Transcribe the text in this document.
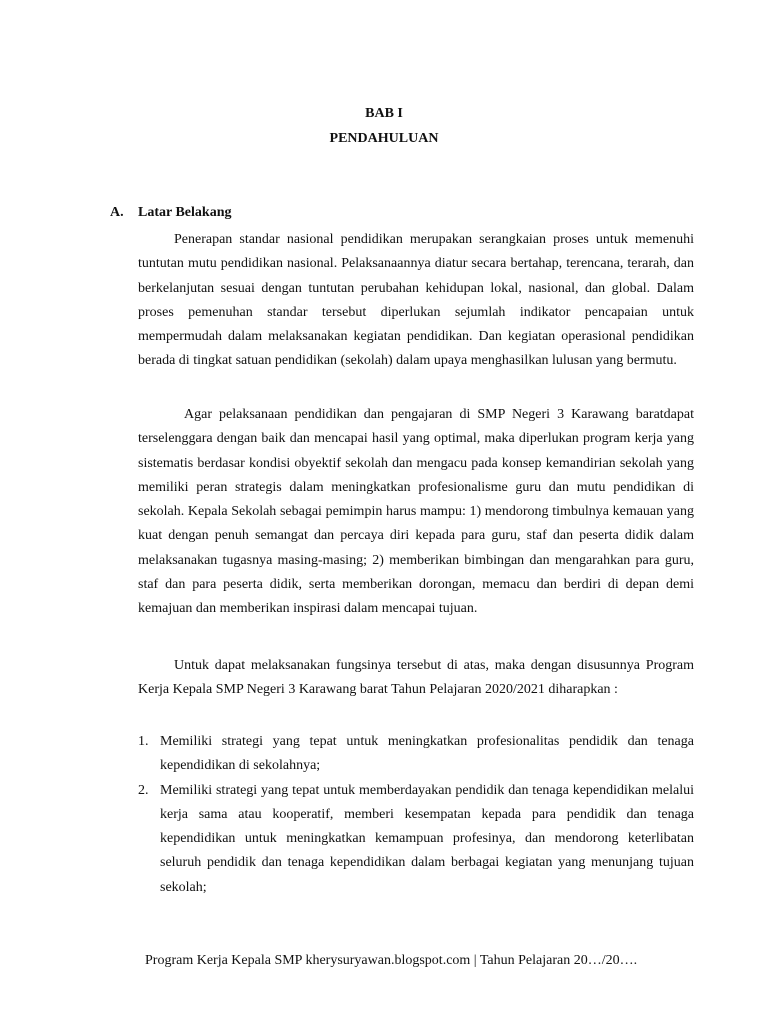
BAB I
PENDAHULUAN
A. Latar Belakang

Penerapan standar nasional pendidikan merupakan serangkaian proses untuk memenuhi tuntutan mutu pendidikan nasional. Pelaksanaannya diatur secara bertahap, terencana, terarah, dan berkelanjutan sesuai dengan tuntutan perubahan kehidupan lokal, nasional, dan global. Dalam proses pemenuhan standar tersebut diperlukan sejumlah indikator pencapaian untuk mempermudah dalam melaksanakan kegiatan pendidikan. Dan kegiatan operasional pendidikan berada di tingkat satuan pendidikan (sekolah) dalam upaya menghasilkan lulusan yang bermutu.

Agar pelaksanaan pendidikan dan pengajaran di SMP Negeri 3 Karawang baratdapat terselenggara dengan baik dan mencapai hasil yang optimal, maka diperlukan program kerja yang sistematis berdasar kondisi obyektif sekolah dan mengacu pada konsep kemandirian sekolah yang memiliki peran strategis dalam meningkatkan profesionalisme guru dan mutu pendidikan di sekolah. Kepala Sekolah sebagai pemimpin harus mampu: 1) mendorong timbulnya kemauan yang kuat dengan penuh semangat dan percaya diri kepada para guru, staf dan peserta didik dalam melaksanakan tugasnya masing-masing; 2) memberikan bimbingan dan mengarahkan para guru, staf dan para peserta didik, serta memberikan dorongan, memacu dan berdiri di depan demi kemajuan dan memberikan inspirasi dalam mencapai tujuan.

Untuk dapat melaksanakan fungsinya tersebut di atas, maka dengan disusunnya Program Kerja Kepala SMP Negeri 3 Karawang barat Tahun Pelajaran 2020/2021 diharapkan :

1. Memiliki strategi yang tepat untuk meningkatkan profesionalitas pendidik dan tenaga kependidikan di sekolahnya;
2. Memiliki strategi yang tepat untuk memberdayakan pendidik dan tenaga kependidikan melalui kerja sama atau kooperatif, memberi kesempatan kepada para pendidik dan tenaga kependidikan untuk meningkatkan kemampuan profesinya, dan mendorong keterlibatan seluruh pendidik dan tenaga kependidikan dalam berbagai kegiatan yang menunjang tujuan sekolah;
Program Kerja Kepala SMP kherysuryawan.blogspot.com | Tahun Pelajaran 20…/20….
